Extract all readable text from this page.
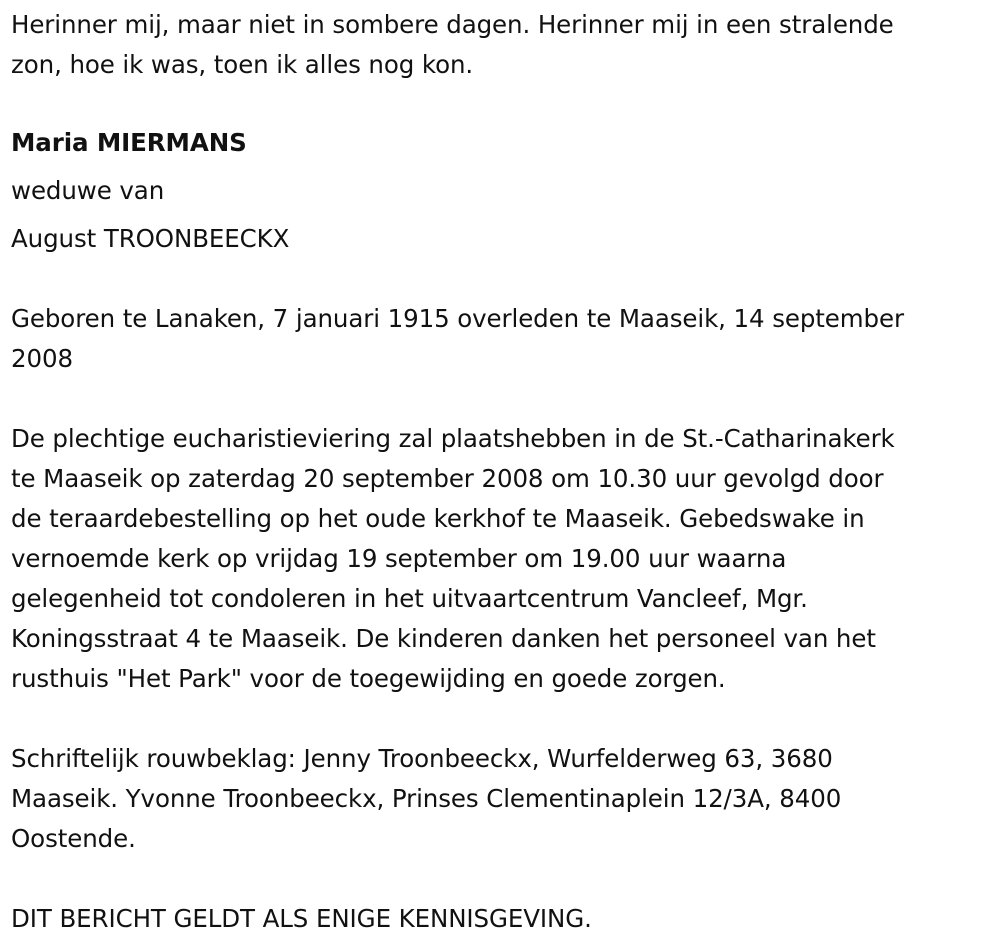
Herinner mij, maar niet in sombere dagen. Herinner mij in een stralende
zon, hoe ik was, toen ik alles nog kon.
Maria MIERMANS
weduwe van
August TROONBEECKX
Geboren te Lanaken, 7 januari 1915 overleden te Maaseik, 14 september
2008
De plechtige eucharistieviering zal plaatshebben in de St.-Catharinakerk
te Maaseik op zaterdag 20 september 2008 om 10.30 uur gevolgd door
de teraardebestelling op het oude kerkhof te Maaseik. Gebedswake in
vernoemde kerk op vrijdag 19 september om 19.00 uur waarna
gelegenheid tot condoleren in het uitvaartcentrum Vancleef, Mgr.
Koningsstraat 4 te Maaseik. De kinderen danken het personeel van het
rusthuis "Het Park" voor de toegewijding en goede zorgen.
Schriftelijk rouwbeklag: Jenny Troonbeeckx, Wurfelderweg 63, 3680
Maaseik. Yvonne Troonbeeckx, Prinses Clementinaplein 12/3A, 8400
Oostende.
DIT BERICHT GELDT ALS ENIGE KENNISGEVING.
